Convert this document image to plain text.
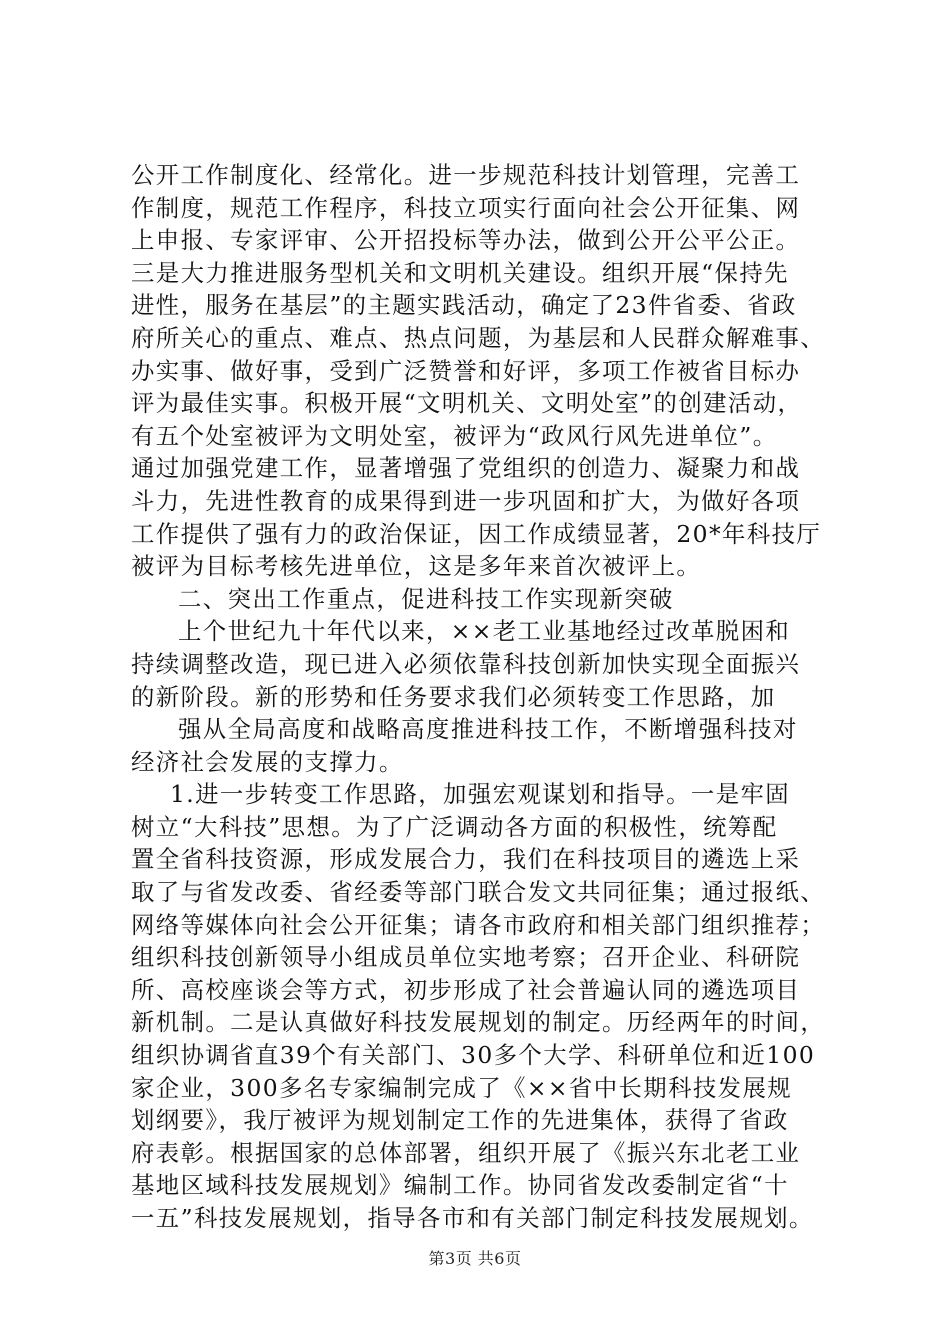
公开工作制度化、经常化。进一步规范科技计划管理，完善工
作制度，规范工作程序，科技立项实行面向社会公开征集、网
上申报、专家评审、公开招投标等办法，做到公开公平公正。
三是大力推进服务型机关和文明机关建设。组织开展“保持先
进性，服务在基层”的主题实践活动，确定了23件省委、省政
府所关心的重点、难点、热点问题，为基层和人民群众解难事、
办实事、做好事，受到广泛赞誉和好评，多项工作被省目标办
评为最佳实事。积极开展“文明机关、文明处室”的创建活动，
有五个处室被评为文明处室，被评为“政风行风先进单位”。
通过加强党建工作，显著增强了党组织的创造力、凝聚力和战
斗力，先进性教育的成果得到进一步巩固和扩大，为做好各项
工作提供了强有力的政治保证，因工作成绩显著，20*年科技厅
被评为目标考核先进单位，这是多年来首次被评上。
二、突出工作重点，促进科技工作实现新突破
上个世纪九十年代以来，××老工业基地经过改革脱困和
持续调整改造，现已进入必须依靠科技创新加快实现全面振兴
的新阶段。新的形势和任务要求我们必须转变工作思路，加
强从全局高度和战略高度推进科技工作，不断增强科技对
经济社会发展的支撑力。
1.进一步转变工作思路，加强宏观谋划和指导。一是牢固
树立“大科技”思想。为了广泛调动各方面的积极性，统筹配
置全省科技资源，形成发展合力，我们在科技项目的遴选上采
取了与省发改委、省经委等部门联合发文共同征集；通过报纸、
网络等媒体向社会公开征集；请各市政府和相关部门组织推荐；
组织科技创新领导小组成员单位实地考察；召开企业、科研院
所、高校座谈会等方式，初步形成了社会普遍认同的遴选项目
新机制。二是认真做好科技发展规划的制定。历经两年的时间，
组织协调省直39个有关部门、30多个大学、科研单位和近100
家企业，300多名专家编制完成了《××省中长期科技发展规
划纲要》，我厅被评为规划制定工作的先进集体，获得了省政
府表彰。根据国家的总体部署，组织开展了《振兴东北老工业
基地区域科技发展规划》编制工作。协同省发改委制定省“十
一五”科技发展规划，指导各市和有关部门制定科技发展规划。
第3页 共6页
